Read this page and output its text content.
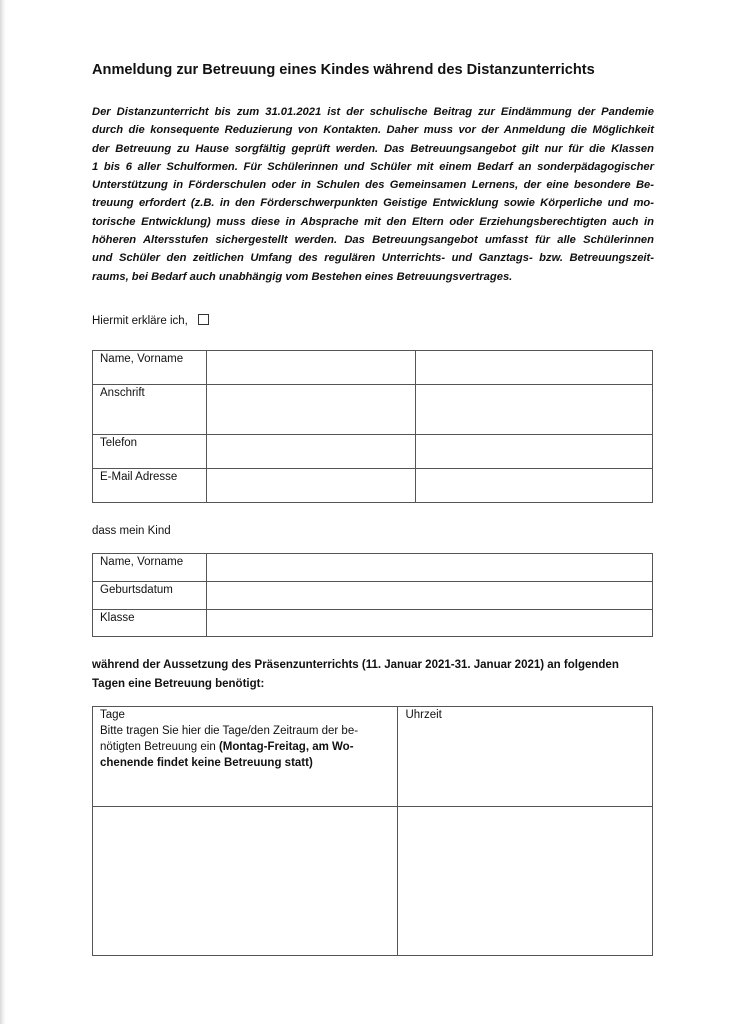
Anmeldung zur Betreuung eines Kindes während des Distanzunterrichts

Der Distanzunterricht bis zum 31.01.2021 ist der schulische Beitrag zur Eindämmung der Pandemie
durch die konsequente Reduzierung von Kontakten. Daher muss vor der Anmeldung die Möglichkeit
der Betreuung zu Hause sorgfältig geprüft werden. Das Betreuungsangebot gilt nur für die Klassen
1 bis 6 aller Schulformen. Für Schülerinnen und Schüler mit einem Bedarf an sonderpädagogischer
Unterstützung in Förderschulen oder in Schulen des Gemeinsamen Lernens, der eine besondere Be-
treuung erfordert (z.B. in den Förderschwerpunkten Geistige Entwicklung sowie Körperliche und mo-
torische Entwicklung) muss diese in Absprache mit den Eltern oder Erziehungsberechtigten auch in
höheren Altersstufen sichergestellt werden. Das Betreuungsangebot umfasst für alle Schülerinnen
und Schüler den zeitlichen Umfang des regulären Unterrichts- und Ganztags- bzw. Betreuungszeit-
raums, bei Bedarf auch unabhängig vom Bestehen eines Betreuungsvertrages.

Hiermit erkläre ich,
Name, Vorname		
Anschrift		
Telefon		
E-Mail Adresse		
dass mein Kind
Name, Vorname	
Geburtsdatum	
Klasse	

während der Aussetzung des Präsenzunterrichts (11. Januar 2021-31. Januar 2021) an folgenden
Tagen eine Betreuung benötigt:

Tage
Bitte tragen Sie hier die Tage/den Zeitraum der be-
nötigten Betreuung ein (Montag-Freitag, am Wo-
chenende findet keine Betreuung statt)	Uhrzeit
